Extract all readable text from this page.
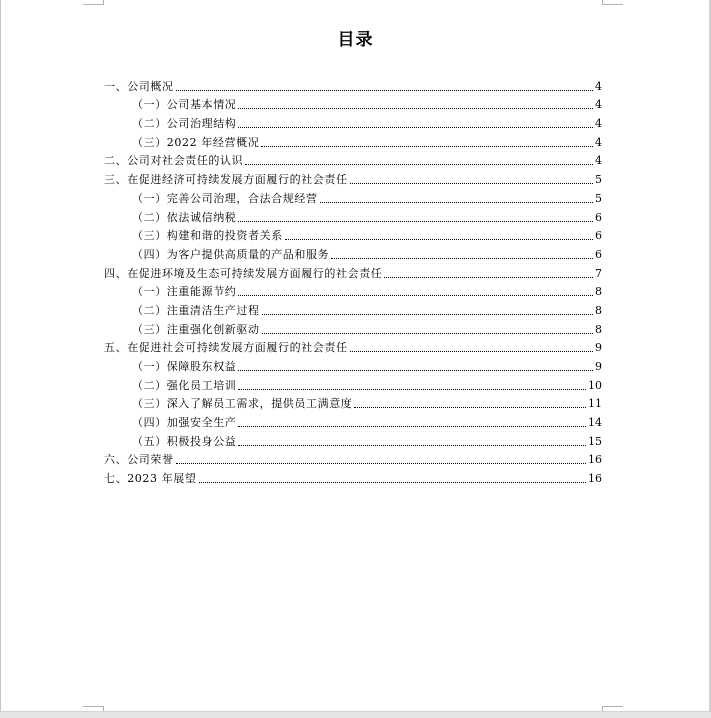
目录
一、公司概况	4
（一）公司基本情况	4
（二）公司治理结构	4
（三）2022 年经营概况	4
二、公司对社会责任的认识	4
三、在促进经济可持续发展方面履行的社会责任	5
（一）完善公司治理，合法合规经营	5
（二）依法诚信纳税	6
（三）构建和谐的投资者关系	6
（四）为客户提供高质量的产品和服务	6
四、在促进环境及生态可持续发展方面履行的社会责任	7
（一）注重能源节约	8
（二）注重清洁生产过程	8
（三）注重强化创新驱动	8
五、在促进社会可持续发展方面履行的社会责任	9
（一）保障股东权益	9
（二）强化员工培训	10
（三）深入了解员工需求，提供员工满意度	11
（四）加强安全生产	14
（五）积极投身公益	15
六、公司荣誉	16
七、2023 年展望	16
